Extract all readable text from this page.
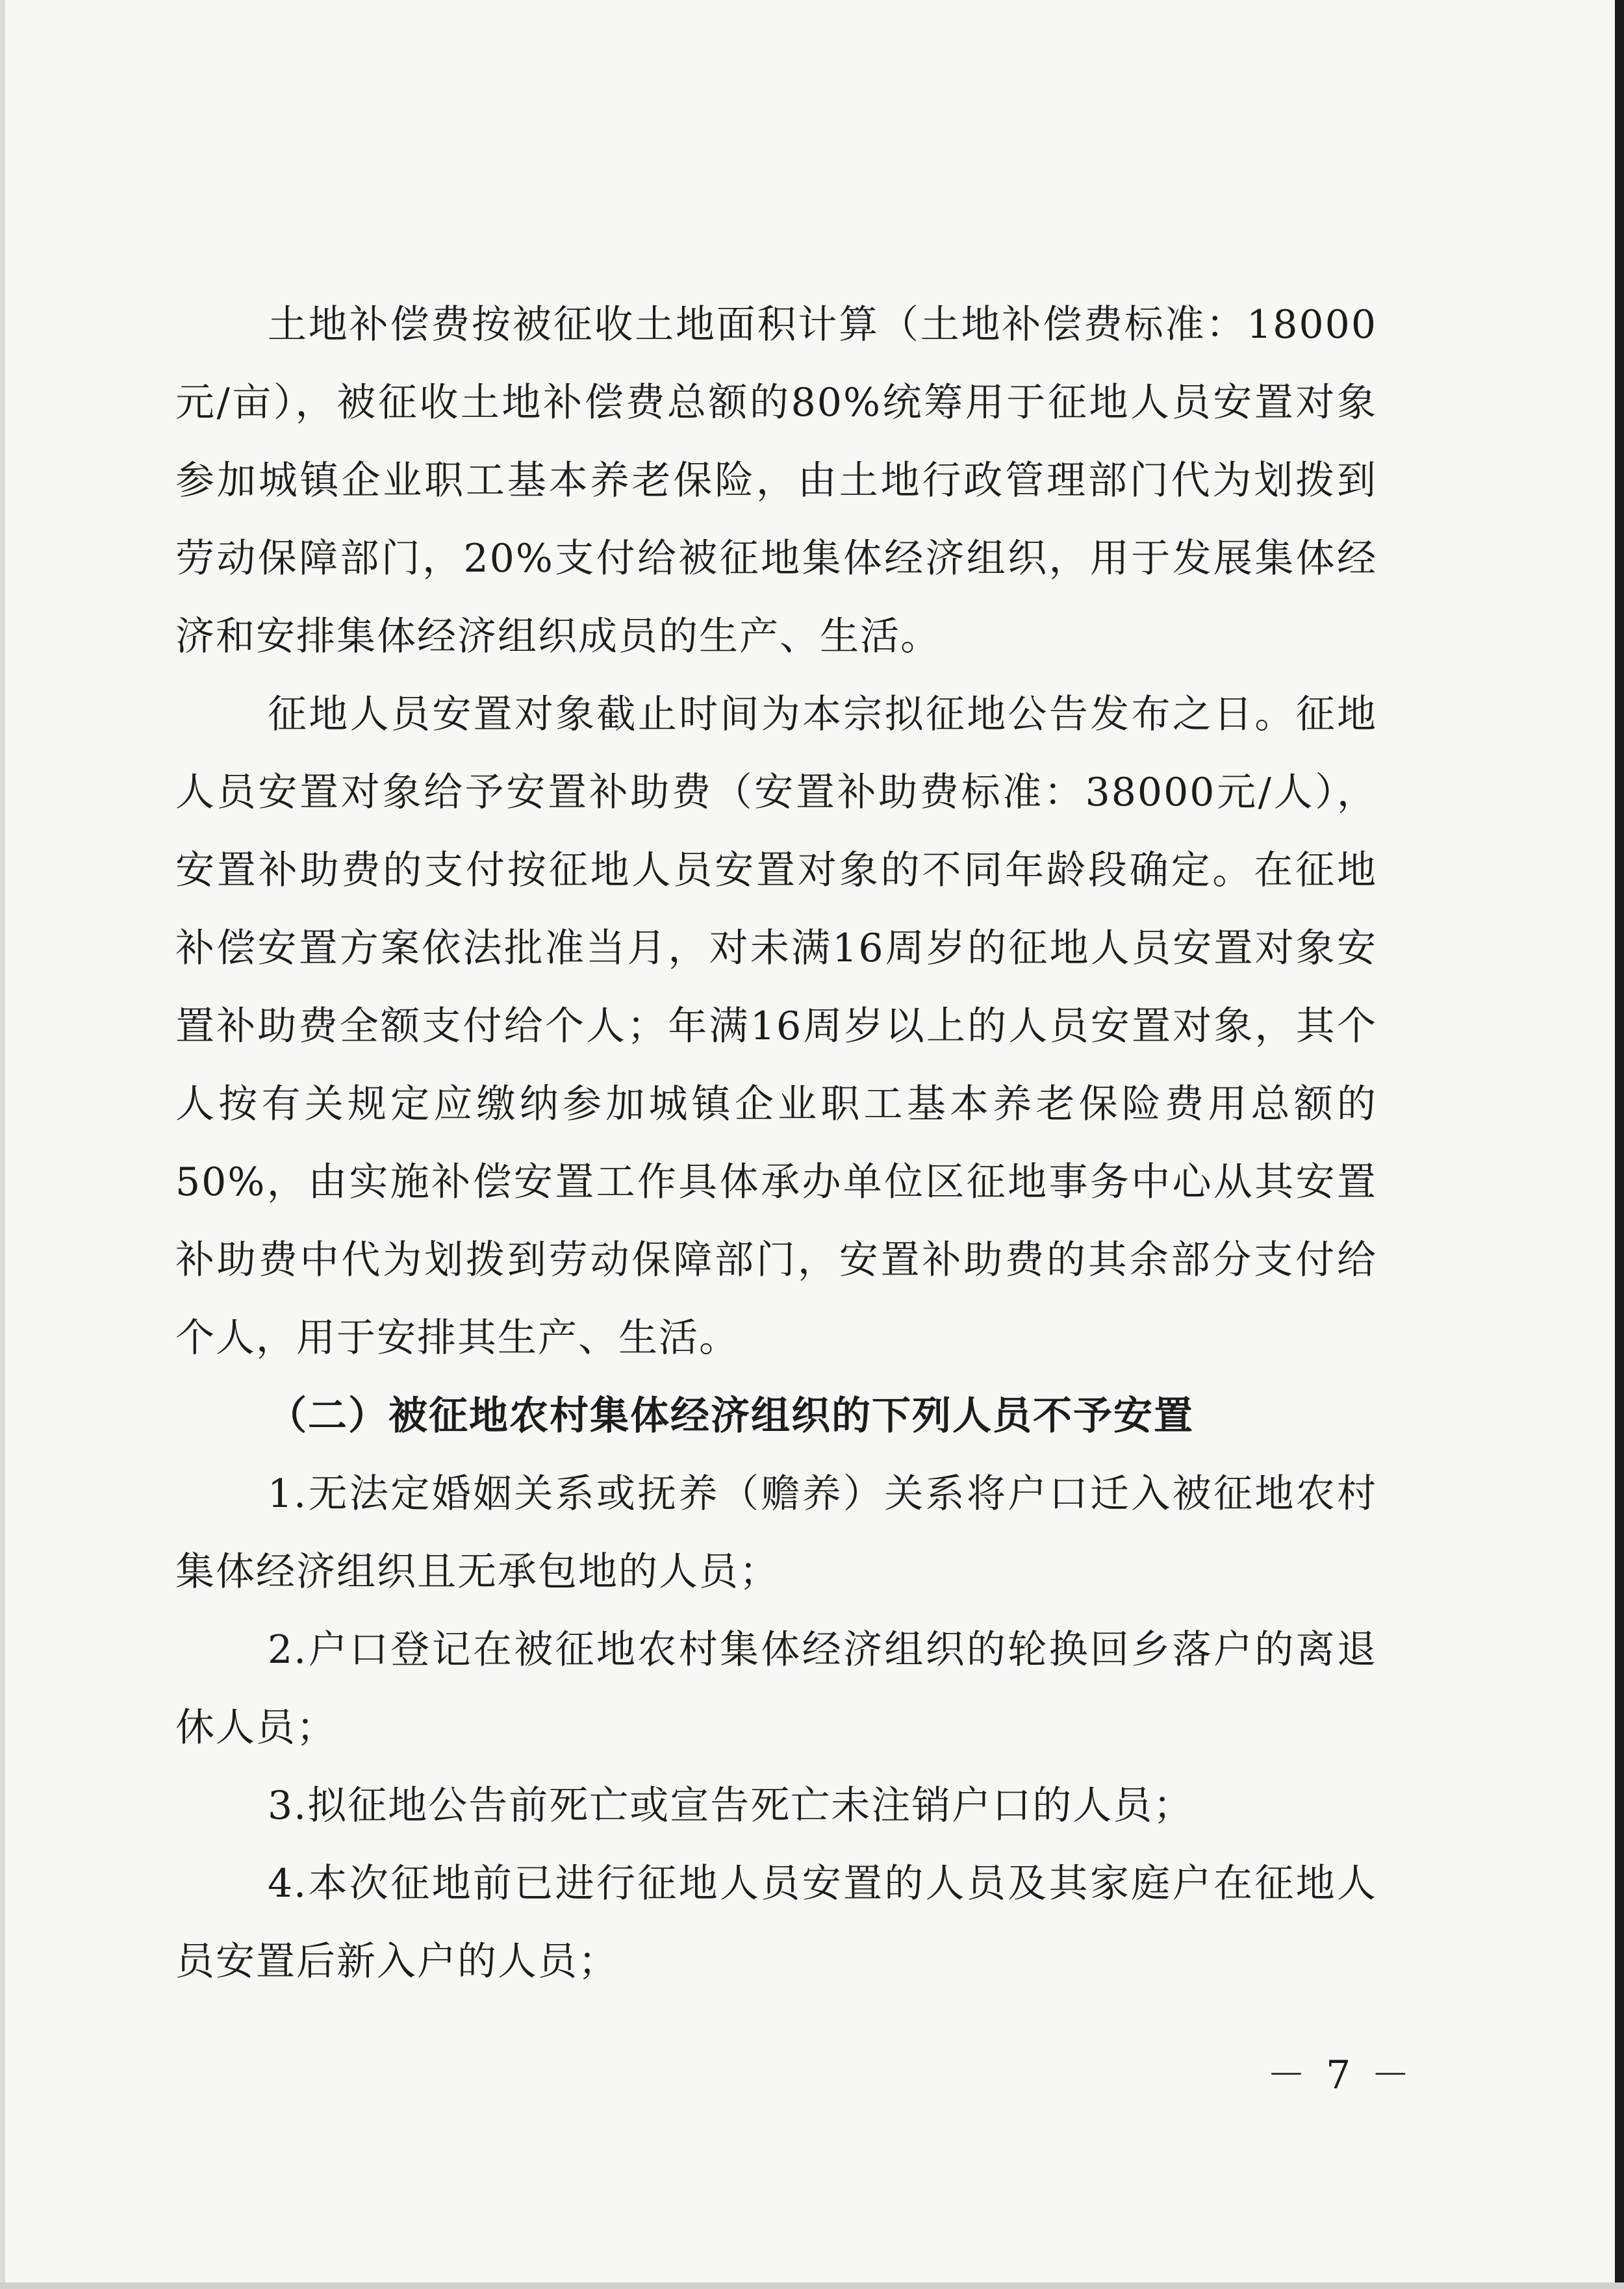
土地补偿费按被征收土地面积计算（土地补偿费标准：18000元/亩），被征收土地补偿费总额的80%统筹用于征地人员安置对象参加城镇企业职工基本养老保险，由土地行政管理部门代为划拨到劳动保障部门，20%支付给被征地集体经济组织，用于发展集体经济和安排集体经济组织成员的生产、生活。

征地人员安置对象截止时间为本宗拟征地公告发布之日。征地人员安置对象给予安置补助费（安置补助费标准：38000元/人），安置补助费的支付按征地人员安置对象的不同年龄段确定。在征地补偿安置方案依法批准当月，对未满16周岁的征地人员安置对象安置补助费全额支付给个人；年满16周岁以上的人员安置对象，其个人按有关规定应缴纳参加城镇企业职工基本养老保险费用总额的50%，由实施补偿安置工作具体承办单位区征地事务中心从其安置补助费中代为划拨到劳动保障部门，安置补助费的其余部分支付给个人，用于安排其生产、生活。

（二）被征地农村集体经济组织的下列人员不予安置

1.无法定婚姻关系或抚养（赡养）关系将户口迁入被征地农村集体经济组织且无承包地的人员；

2.户口登记在被征地农村集体经济组织的轮换回乡落户的离退休人员；

3.拟征地公告前死亡或宣告死亡未注销户口的人员；

4.本次征地前已进行征地人员安置的人员及其家庭户在征地人员安置后新入户的人员；

－ 7 －
